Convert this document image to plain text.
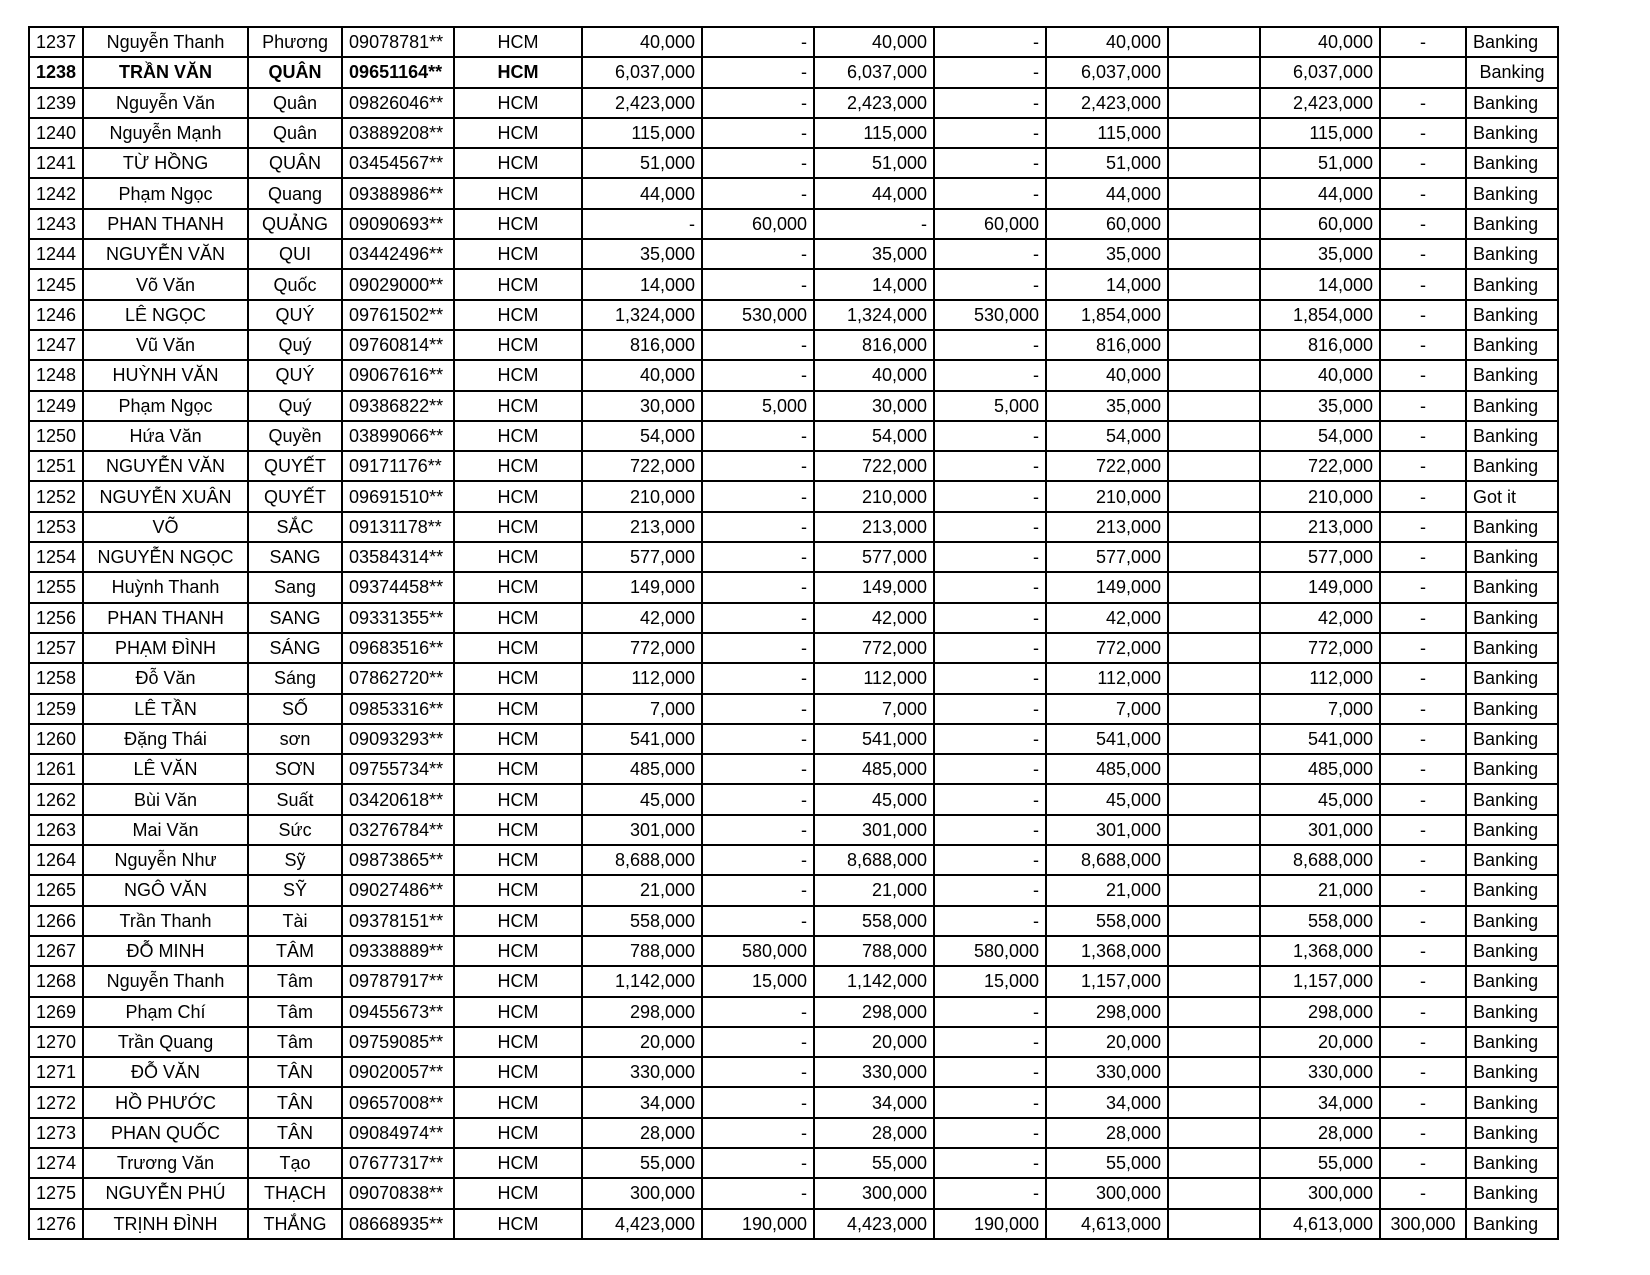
1237	Nguyễn Thanh	Phương	09078781**	HCM	40,000	-	40,000	-	40,000		40,000	-	Banking
1238	TRẦN VĂN	QUÂN	09651164**	HCM	6,037,000	-	6,037,000	-	6,037,000		6,037,000		Banking
1239	Nguyễn Văn	Quân	09826046**	HCM	2,423,000	-	2,423,000	-	2,423,000		2,423,000	-	Banking
1240	Nguyễn Mạnh	Quân	03889208**	HCM	115,000	-	115,000	-	115,000		115,000	-	Banking
1241	TỪ HỒNG	QUÂN	03454567**	HCM	51,000	-	51,000	-	51,000		51,000	-	Banking
1242	Phạm Ngọc	Quang	09388986**	HCM	44,000	-	44,000	-	44,000		44,000	-	Banking
1243	PHAN THANH	QUẢNG	09090693**	HCM	-	60,000	-	60,000	60,000		60,000	-	Banking
1244	NGUYỄN VĂN	QUI	03442496**	HCM	35,000	-	35,000	-	35,000		35,000	-	Banking
1245	Võ Văn	Quốc	09029000**	HCM	14,000	-	14,000	-	14,000		14,000	-	Banking
1246	LÊ NGỌC	QUÝ	09761502**	HCM	1,324,000	530,000	1,324,000	530,000	1,854,000		1,854,000	-	Banking
1247	Vũ Văn	Quý	09760814**	HCM	816,000	-	816,000	-	816,000		816,000	-	Banking
1248	HUỲNH VĂN	QUÝ	09067616**	HCM	40,000	-	40,000	-	40,000		40,000	-	Banking
1249	Phạm Ngọc	Quý	09386822**	HCM	30,000	5,000	30,000	5,000	35,000		35,000	-	Banking
1250	Hứa Văn	Quyền	03899066**	HCM	54,000	-	54,000	-	54,000		54,000	-	Banking
1251	NGUYỄN VĂN	QUYẾT	09171176**	HCM	722,000	-	722,000	-	722,000		722,000	-	Banking
1252	NGUYỄN XUÂN	QUYẾT	09691510**	HCM	210,000	-	210,000	-	210,000		210,000	-	Got it
1253	VÕ	SẮC	09131178**	HCM	213,000	-	213,000	-	213,000		213,000	-	Banking
1254	NGUYỄN NGỌC	SANG	03584314**	HCM	577,000	-	577,000	-	577,000		577,000	-	Banking
1255	Huỳnh Thanh	Sang	09374458**	HCM	149,000	-	149,000	-	149,000		149,000	-	Banking
1256	PHAN THANH	SANG	09331355**	HCM	42,000	-	42,000	-	42,000		42,000	-	Banking
1257	PHẠM ĐÌNH	SÁNG	09683516**	HCM	772,000	-	772,000	-	772,000		772,000	-	Banking
1258	Đỗ Văn	Sáng	07862720**	HCM	112,000	-	112,000	-	112,000		112,000	-	Banking
1259	LÊ TẦN	SỐ	09853316**	HCM	7,000	-	7,000	-	7,000		7,000	-	Banking
1260	Đặng Thái	sơn	09093293**	HCM	541,000	-	541,000	-	541,000		541,000	-	Banking
1261	LÊ VĂN	SƠN	09755734**	HCM	485,000	-	485,000	-	485,000		485,000	-	Banking
1262	Bùi Văn	Suất	03420618**	HCM	45,000	-	45,000	-	45,000		45,000	-	Banking
1263	Mai Văn	Sức	03276784**	HCM	301,000	-	301,000	-	301,000		301,000	-	Banking
1264	Nguyễn Như	Sỹ	09873865**	HCM	8,688,000	-	8,688,000	-	8,688,000		8,688,000	-	Banking
1265	NGÔ VĂN	SỸ	09027486**	HCM	21,000	-	21,000	-	21,000		21,000	-	Banking
1266	Trần Thanh	Tài	09378151**	HCM	558,000	-	558,000	-	558,000		558,000	-	Banking
1267	ĐỖ MINH	TÂM	09338889**	HCM	788,000	580,000	788,000	580,000	1,368,000		1,368,000	-	Banking
1268	Nguyễn Thanh	Tâm	09787917**	HCM	1,142,000	15,000	1,142,000	15,000	1,157,000		1,157,000	-	Banking
1269	Phạm Chí	Tâm	09455673**	HCM	298,000	-	298,000	-	298,000		298,000	-	Banking
1270	Trần Quang	Tâm	09759085**	HCM	20,000	-	20,000	-	20,000		20,000	-	Banking
1271	ĐỖ VĂN	TÂN	09020057**	HCM	330,000	-	330,000	-	330,000		330,000	-	Banking
1272	HỒ PHƯỚC	TÂN	09657008**	HCM	34,000	-	34,000	-	34,000		34,000	-	Banking
1273	PHAN QUỐC	TÂN	09084974**	HCM	28,000	-	28,000	-	28,000		28,000	-	Banking
1274	Trương Văn	Tạo	07677317**	HCM	55,000	-	55,000	-	55,000		55,000	-	Banking
1275	NGUYỄN PHÚ	THẠCH	09070838**	HCM	300,000	-	300,000	-	300,000		300,000	-	Banking
1276	TRỊNH ĐÌNH	THẮNG	08668935**	HCM	4,423,000	190,000	4,423,000	190,000	4,613,000		4,613,000	300,000	Banking
